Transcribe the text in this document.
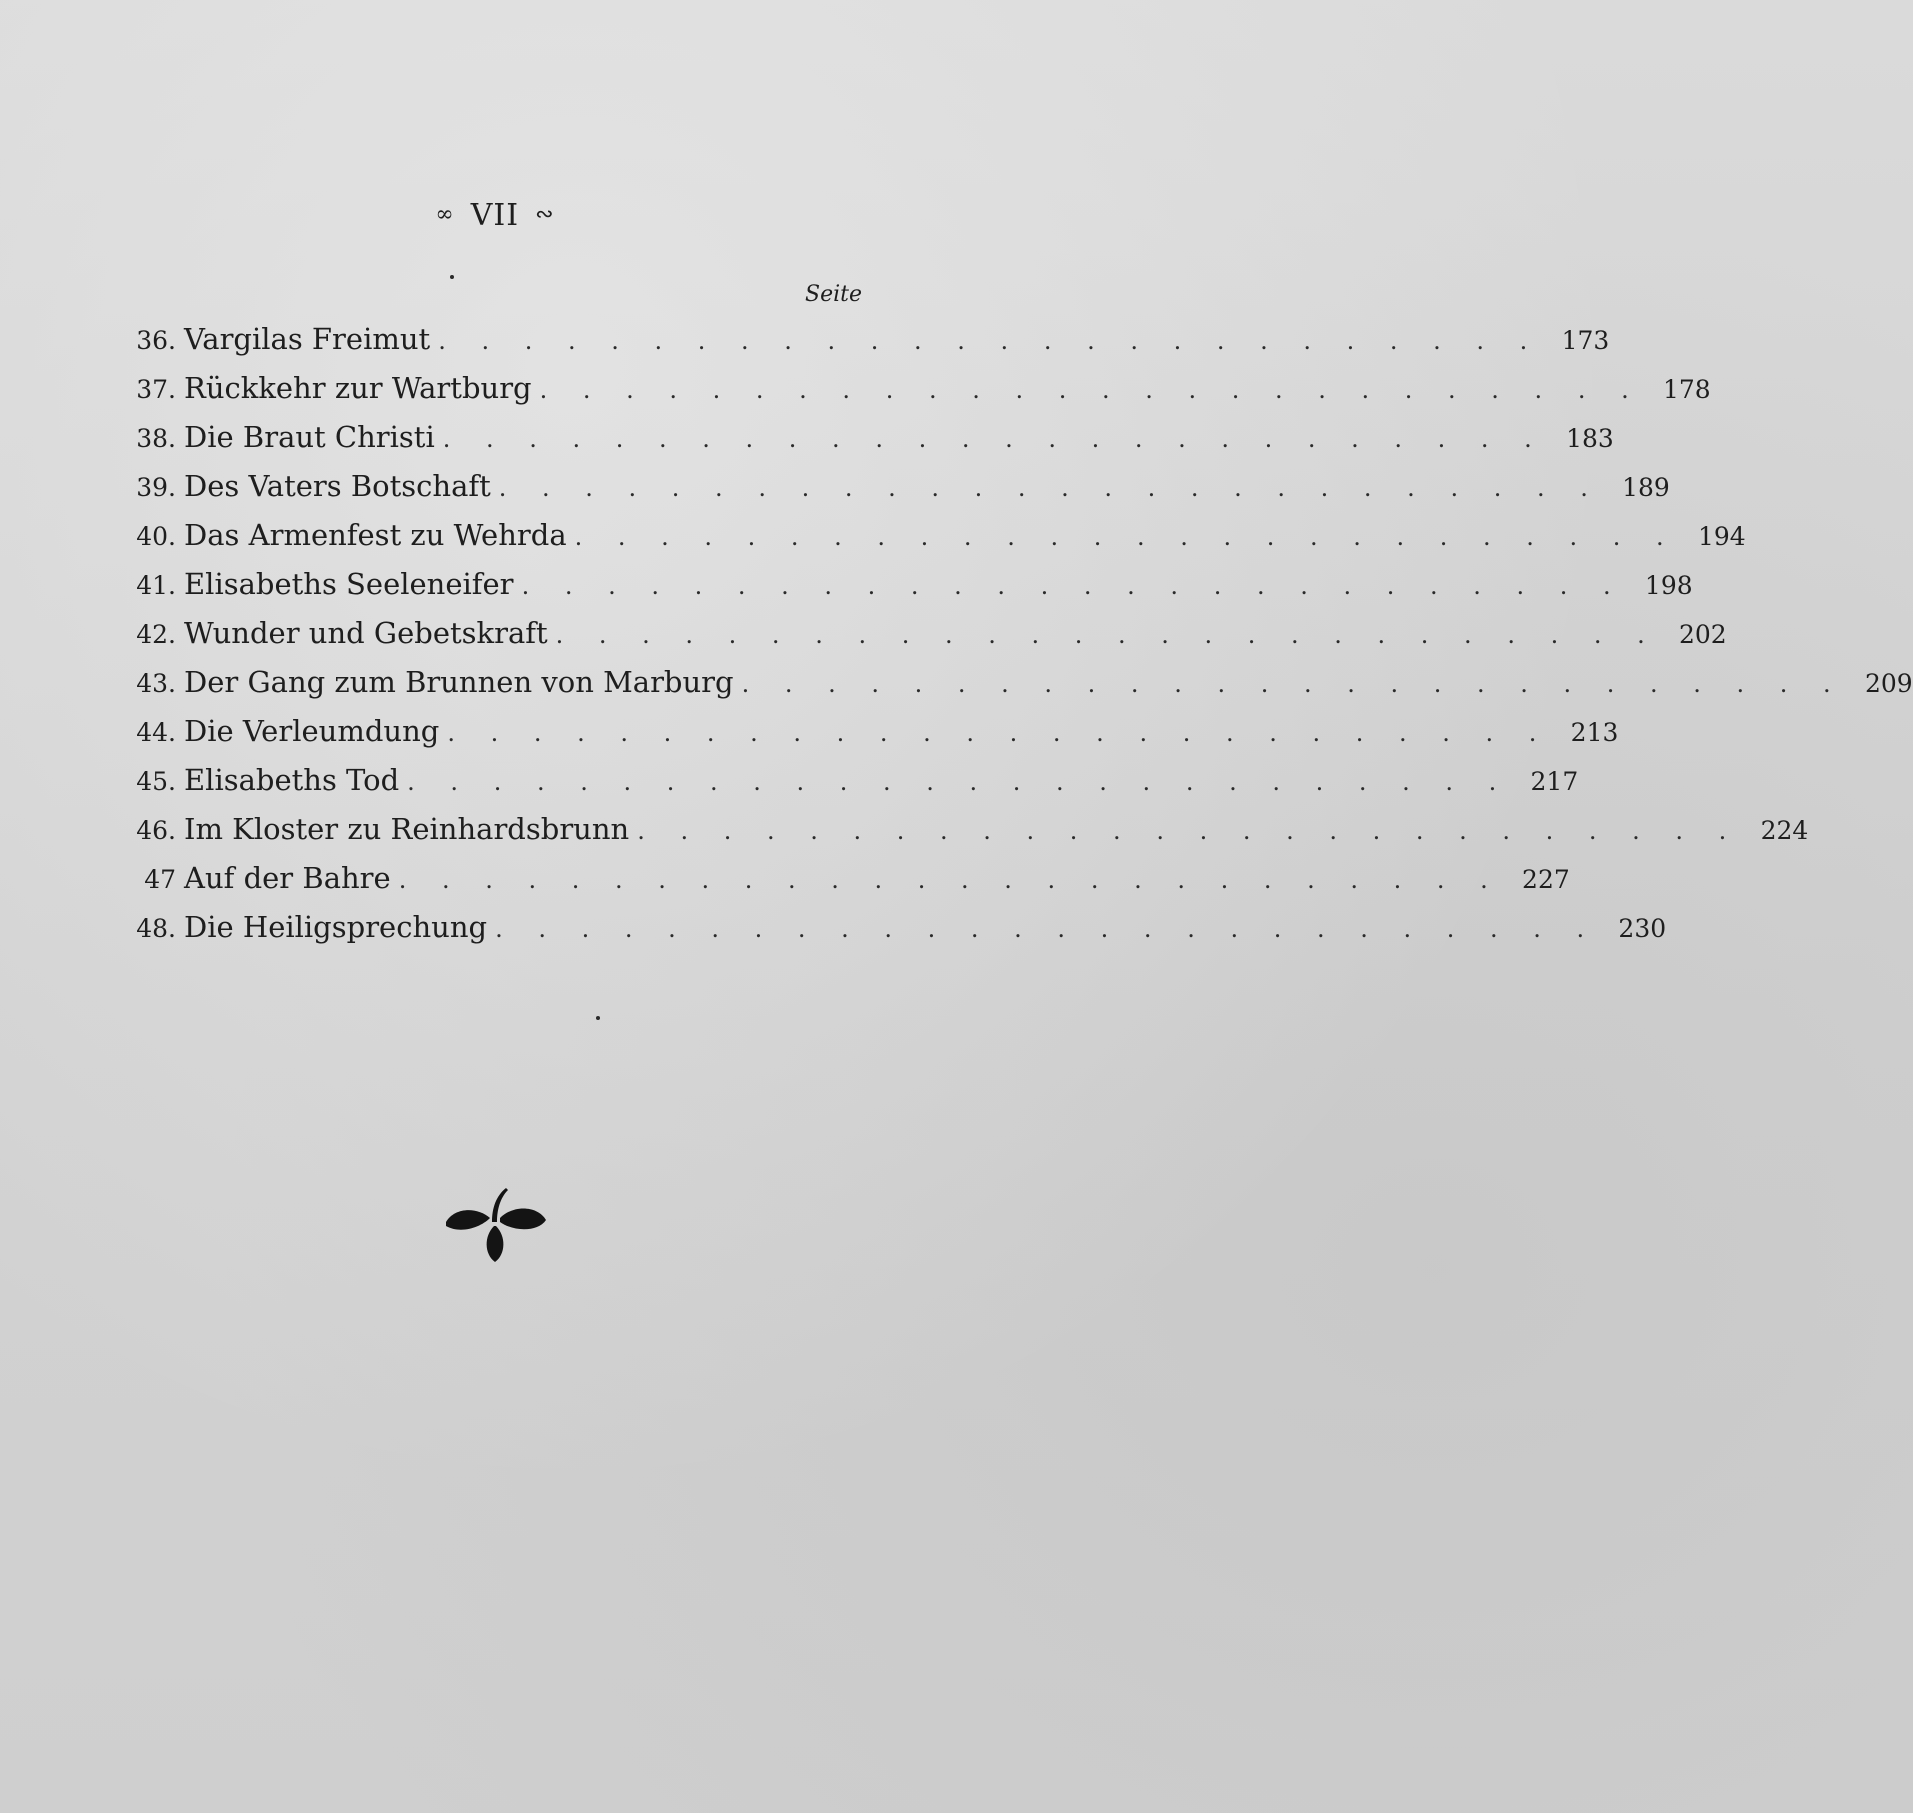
∞ VII ∾
Seite
36. Vargilas Freimut . . . . . . . . . . . . . . . . . . . . . . . . . . 173
37. Rückkehr zur Wartburg . . . . . . . . . . . . . . . . . . . . . . . . . . 178
38. Die Braut Christi . . . . . . . . . . . . . . . . . . . . . . . . . . 183
39. Des Vaters Botschaft . . . . . . . . . . . . . . . . . . . . . . . . . . 189
40. Das Armenfest zu Wehrda . . . . . . . . . . . . . . . . . . . . . . . . . . 194
41. Elisabeths Seeleneifer . . . . . . . . . . . . . . . . . . . . . . . . . . 198
42. Wunder und Gebetskraft . . . . . . . . . . . . . . . . . . . . . . . . . . 202
43. Der Gang zum Brunnen von Marburg . . . . . . . . . . . . . . . . . . . . . . . . . . 209
44. Die Verleumdung . . . . . . . . . . . . . . . . . . . . . . . . . . 213
45. Elisabeths Tod . . . . . . . . . . . . . . . . . . . . . . . . . . 217
46. Im Kloster zu Reinhardsbrunn . . . . . . . . . . . . . . . . . . . . . . . . . . 224
47 Auf der Bahre . . . . . . . . . . . . . . . . . . . . . . . . . . 227
48. Die Heiligsprechung . . . . . . . . . . . . . . . . . . . . . . . . . . 230
